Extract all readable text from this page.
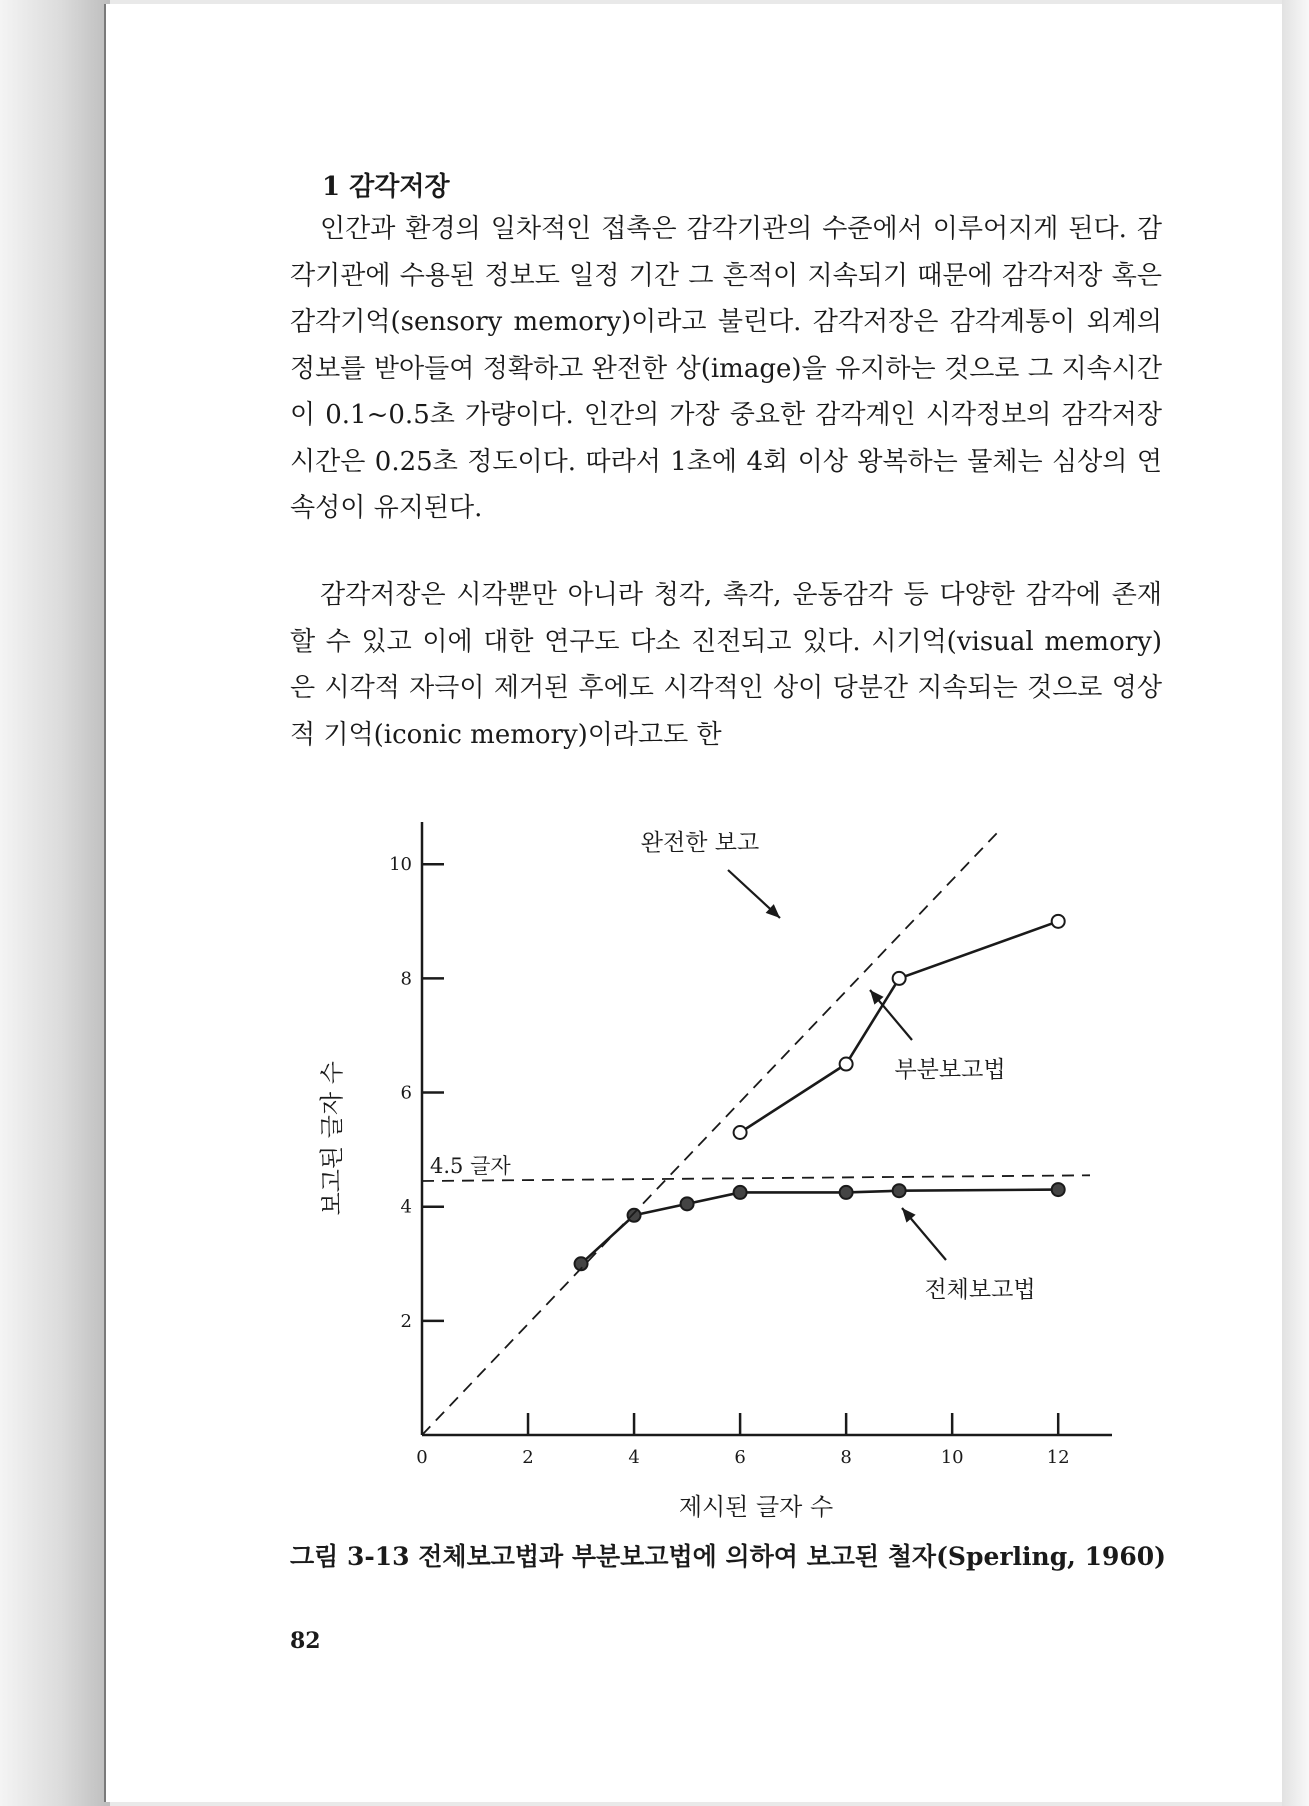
1 감각저장

인간과 환경의 일차적인 접촉은 감각기관의 수준에서 이루어지게 된다. 감각기관에 수용된 정보도 일정 기간 그 흔적이 지속되기 때문에 감각저장 혹은 감각기억(sensory memory)이라고 불린다. 감각저장은 감각계통이 외계의 정보를 받아들여 정확하고 완전한 상(image)을 유지하는 것으로 그 지속시간이 0.1~0.5초 가량이다. 인간의 가장 중요한 감각계인 시각정보의 감각저장 시간은 0.25초 정도이다. 따라서 1초에 4회 이상 왕복하는 물체는 심상의 연속성이 유지된다.

감각저장은 시각뿐만 아니라 청각, 촉각, 운동감각 등 다양한 감각에 존재할 수 있고 이에 대한 연구도 다소 진전되고 있다. 시기억(visual memory)은 시각적 자극이 제거된 후에도 시각적인 상이 당분간 지속되는 것으로 영상적 기억(iconic memory)이라고도 한

2
4
6
8
10
0	2	4	6	8	10	12
제시된 글자 수
보고된 글자 수
완전한 보고
부분보고법
전체보고법
4.5 글자

그림 3-13 전체보고법과 부분보고법에 의하여 보고된 철자(Sperling, 1960)

82
